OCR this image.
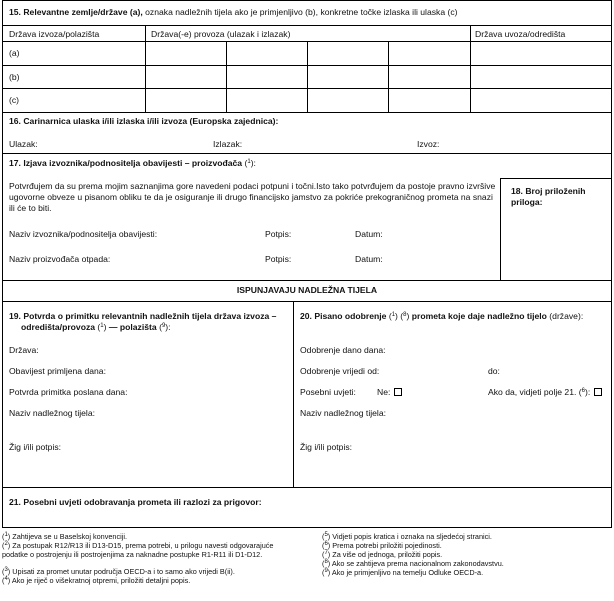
15. Relevantne zemlje/države (a), oznaka nadležnih tijela ako je primjenljivo (b), konkretne točke izlaska ili ulaska (c)
Država izvoza/polazišta	Država(-e) provoza (ulazak i izlazak)	Država uvoza/odredišta
(a)
(b)
(c)
16. Carinarnica ulaska i/ili izlaska i/ili izvoza (Europska zajednica):
Ulazak:	Izlazak:	Izvoz:
17. Izjava izvoznika/podnositelja obavijesti – proizvođača ($^1$):
Potvrđujem da su prema mojim saznanjima gore navedeni podaci potpuni i točni.Isto tako potvrđujem da postoje pravno izvršive ugovorne obveze u pisanom obliku te da je osiguranje ili drugo financijsko jamstvo za pokriće prekograničnog prometa na snazi ili će to biti.
Naziv izvoznika/podnositelja obavijesti:	Potpis:	Datum:
Naziv proizvođača otpada:	Potpis:	Datum:
18. Broj priloženih priloga:
ISPUNJAVAJU NADLEŽNA TIJELA
19. Potvrda o primitku relevantnih nadležnih tijela država izvoza –
odredišta/provoza ($^1$) — polazišta ($^9$):
Država:
Obavijest primljena dana:
Potvrda primitka poslana dana:
Naziv nadležnog tijela:
Žig i/ili potpis:
20. Pisano odobrenje ($^1$) ($^8$) prometa koje daje nadležno tijelo (države):
Odobrenje dano dana:
Odobrenje vrijedi od:	do:
Posebni uvjeti: Ne:	Ako da, vidjeti polje 21. ($^6$):
Naziv nadležnog tijela:
Žig i/ili potpis:
21. Posebni uvjeti odobravanja prometa ili razlozi za prigovor:
($^1$) Zahtijeva se u Baselskoj konvenciji.
($^2$) Za postupak R12/R13 ili D13-D15, prema potrebi, u prilogu navesti odgovarajuće podatke o postrojenju ili postrojenjima za naknadne postupke R1-R11 ili D1-D12.
($^3$) Upisati za promet unutar područja OECD-a i to samo ako vrijedi B(ii).
($^4$) Ako je riječ o višekratnoj otpremi, priložiti detaljni popis.
($^5$) Vidjeti popis kratica i oznaka na sljedećoj stranici.
($^6$) Prema potrebi priložiti pojedinosti.
($^7$) Za više od jednoga, priložiti popis.
($^8$) Ako se zahtijeva prema nacionalnom zakonodavstvu.
($^9$) Ako je primjenljivo na temelju Odluke OECD-a.
